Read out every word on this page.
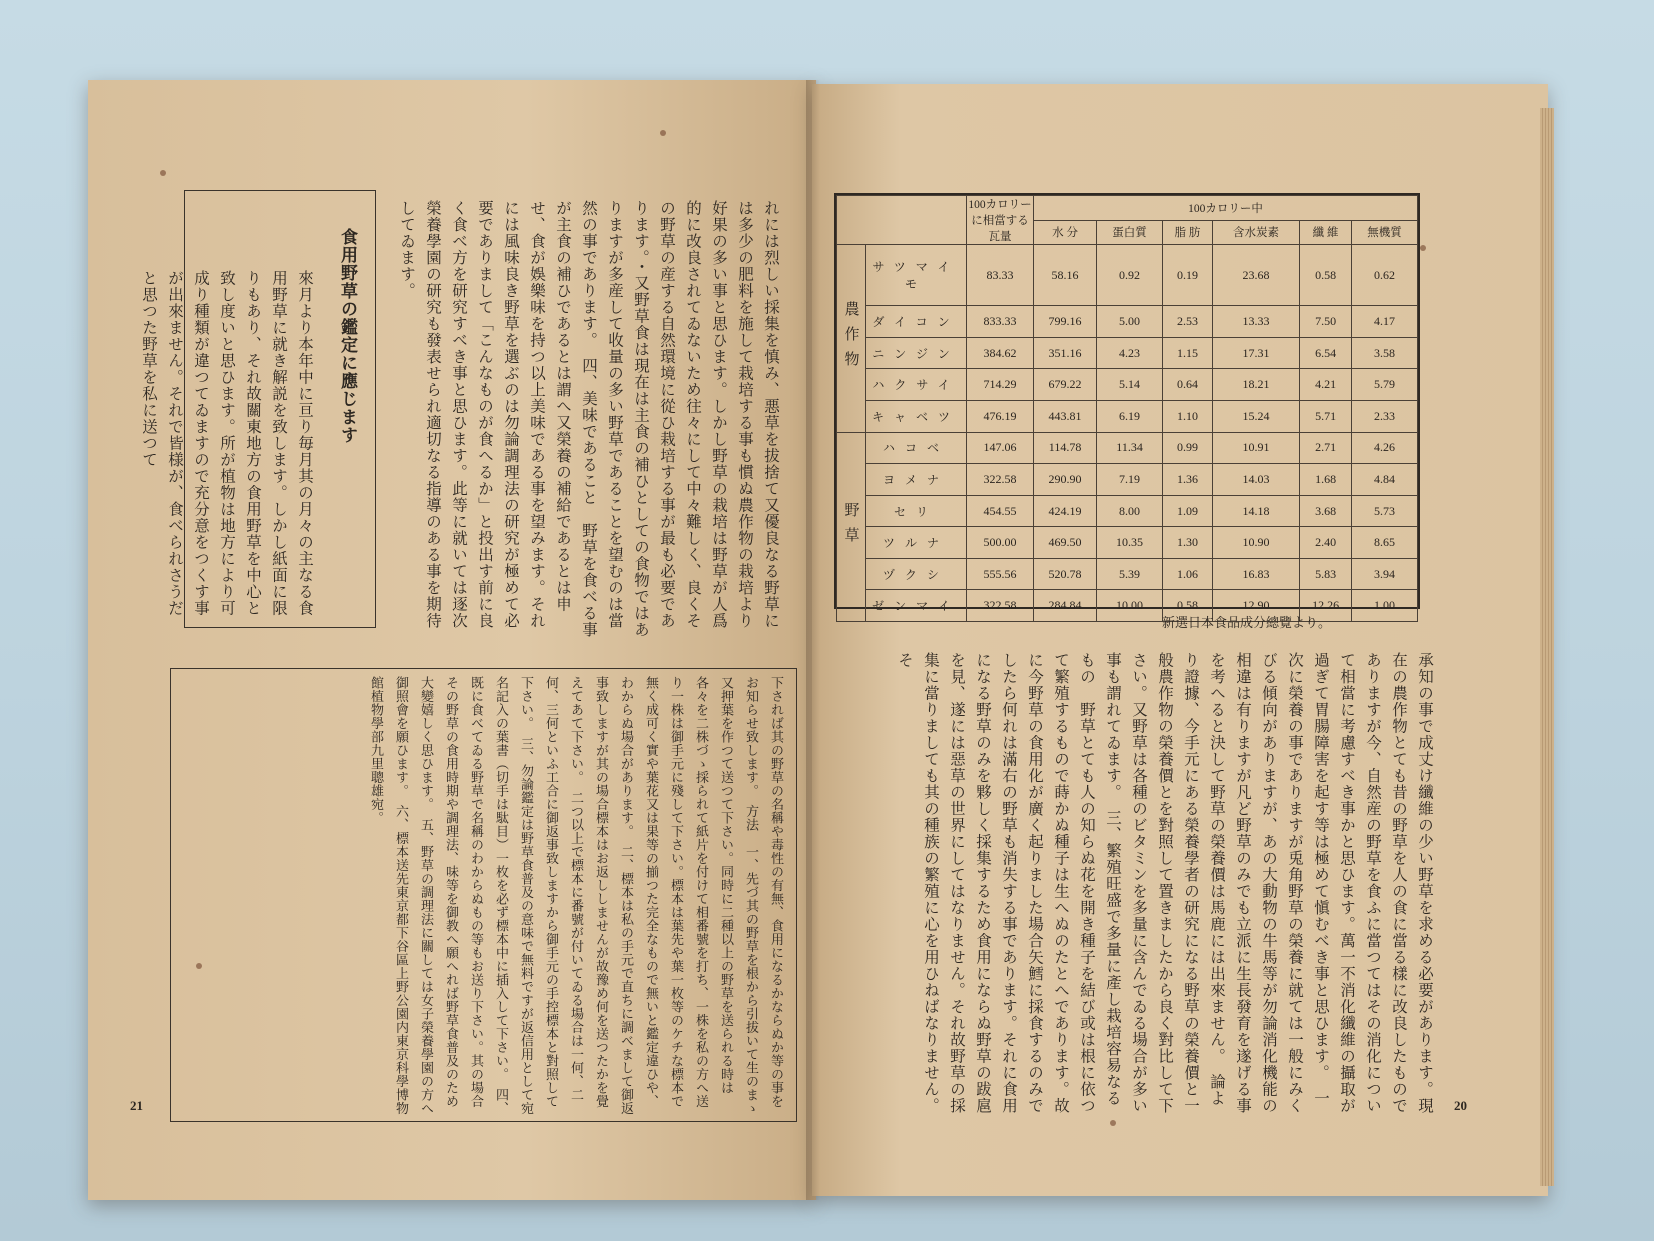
れには烈しい採集を慎み、悪草を拔捨て又優良なる野草には多少の肥料を施して栽培する事も慣ぬ農作物の栽培より好果の多い事と思ひます。しかし野草の栽培は野草が人爲的に改良されてゐないため往々にして中々難しく、良くその野草の産する自然環境に從ひ栽培する事が最も必要であります。・又野草食は現在は主食の補ひとしての食物ではありますが多産して收量の多い野草であることを望むのは當然の事であります。　四、美味であること　野草を食べる事が主食の補ひであるとは謂へ又榮養の補給であるとは申せ、食が娛樂味を持つ以上美味である事を望みます。それには風味良き野草を選ぶのは勿論調理法の研究が極めて必要でありまして「こんなものが食へるか」と投出す前に良く食べ方を研究すべき事と思ひます。此等に就いては逐次榮養學園の研究も發表せられ適切なる指導のある事を期待してゐます。
食用野草の鑑定に應じます
來月より本年中に亘り毎月其の月々の主なる食用野草に就き解説を致します。しかし紙面に限りもあり、それ故關東地方の食用野草を中心と致し度いと思ひます。所が植物は地方により可成り種類が違つてゐますので充分意をつくす事が出來ません。それで皆様が、食べられさうだと思つた野草を私に送つて
下されば其の野草の名稱や毒性の有無、食用になるかならぬか等の事をお知らせ致します。　方法　一、先づ其の野草を根から引拔いて生のまゝ又押葉を作つて送つて下さい。同時に二種以上の野草を送られる時は各々を二株づゝ採られて紙片を付けて相番號を打ち、一株を私の方へ送り一株は御手元に殘して下さい。標本は葉先や葉一枚等のケチな標本で無く成可く實や葉花又は果等の揃つた完全なもので無いと鑑定違ひや、わからぬ場合があります。　二、標本は私の手元で直ちに調べまして御返事致しますが其の場合標本はお返ししませんが故豫め何を送つたかを覺えてあて下さい。　二つ以上で標本に番號が付いてゐる場合は一何、二何、三何といふ工合に御返事致しますから御手元の手控標本と對照して下さい。　三、勿論鑑定は野草食普及の意味で無料ですが返信用として宛名記入の葉書（切手は駄目）一枚を必ず標本中に插入して下さい。　四、既に食べてゐる野草で名稱のわからぬもの等もお送り下さい。其の場合その野草の食用時期や調理法、味等を御教へ願へれば野草食普及のため大變嬉しく思ひます。　五、野草の調理法に關しては女子榮養學園の方へ御照會を願ひます。　六、標本送先東京都下谷區上野公園内東京科學博物館植物學部九里聰雄宛。
21
		100カロリーに相當する瓦量	100カロリー中					
			水 分	蛋白質	脂 肪	含水炭素	纖 維	無機質
農作物	サツマイモ	83.33	58.16	0.92	0.19	23.68	0.58	0.62
	ダイコン	833.33	799.16	5.00	2.53	13.33	7.50	4.17
	ニンジン	384.62	351.16	4.23	1.15	17.31	6.54	3.58
	ハクサイ	714.29	679.22	5.14	0.64	18.21	4.21	5.79
	キャベツ	476.19	443.81	6.19	1.10	15.24	5.71	2.33
野草	ハコベ	147.06	114.78	11.34	0.99	10.91	2.71	4.26
	ヨメナ	322.58	290.90	7.19	1.36	14.03	1.68	4.84
	セリ	454.55	424.19	8.00	1.09	14.18	3.68	5.73
	ツルナ	500.00	469.50	10.35	1.30	10.90	2.40	8.65
	ヅクシ	555.56	520.78	5.39	1.06	16.83	5.83	3.94
	ゼンマイ	322.58	284.84	10.00	0.58	12.90	12.26	1.00
新選日本食品成分總覽より。
承知の事で成丈け纖維の少い野草を求める必要があります。現在の農作物とても昔の野草を人の食に當る樣に改良したものでありますが今、自然産の野草を食ふに當つてはその消化について相當に考慮すべき事かと思ひます。萬一不消化纖維の攝取が過ぎて胃腸障害を起す等は極めて愼むべき事と思ひます。　一次に榮養の事でありますが兎角野草の榮養に就ては一般にみくびる傾向がありますが、あの大動物の牛馬等が勿論消化機能の相違は有りますが凡ど野草のみでも立派に生長發育を遂げる事を考へると決して野草の榮養價は馬鹿には出來ません。　論より證據、今手元にある榮養學者の研究になる野草の榮養價と一般農作物の榮養價とを對照して置きましたから良く對比して下さい。又野草は各種のビタミンを多量に含んでゐる場合が多い事も謂れてゐます。　三、繁殖旺盛で多量に產し栽培容易なるもの　野草とても人の知らぬ花を開き種子を結び或は根に依つて繁殖するもので蒔かぬ種子は生へぬのたとへであります。故に今野草の食用化が廣く起りました場合矢鱈に採食するのみでしたら何れは滿右の野草も消失する事であります。それに食用になる野草のみを夥しく採集するため食用にならぬ野草の跋扈を見、遂には惡草の世界にしてはなりません。それ故野草の採集に當りましても其の種族の繁殖に心を用ひねばなりません。そ
20
